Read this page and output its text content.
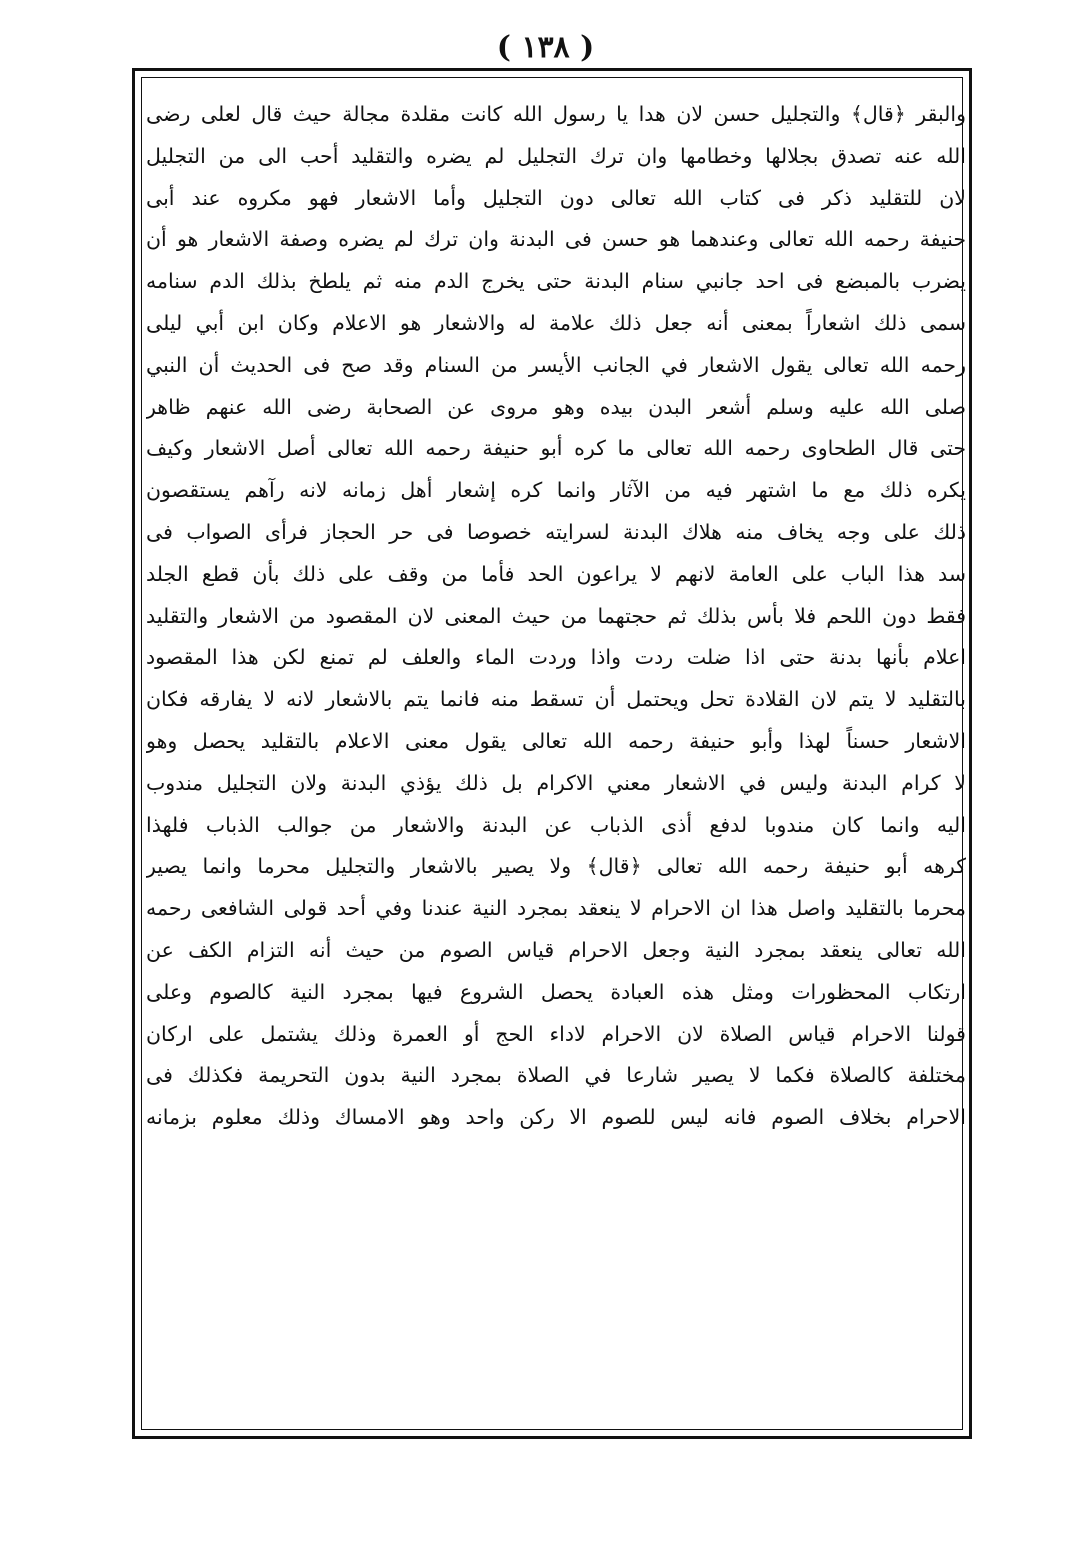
( ١٣٨ )
والبقر ﴿قال﴾ والتجليل حسن لان هدا يا رسول الله كانت مقلدة مجالة حيث قال لعلى رضى
الله عنه تصدق بجلالها وخطامها وان ترك التجليل لم يضره والتقليد أحب الى من التجليل
لان للتقليد ذكر فى كتاب الله تعالى دون التجليل وأما الاشعار فهو مكروه عند أبى
حنيفة رحمه الله تعالى وعندهما هو حسن فى البدنة وان ترك لم يضره وصفة الاشعار هو أن
يضرب بالمبضع فى احد جانبي سنام البدنة حتى يخرج الدم منه ثم يلطخ بذلك الدم سنامه
سمى ذلك اشعاراً بمعنى أنه جعل ذلك علامة له والاشعار هو الاعلام وكان ابن أبي ليلى
رحمه الله تعالى يقول الاشعار في الجانب الأيسر من السنام وقد صح فى الحديث أن النبي
صلى الله عليه وسلم أشعر البدن بيده وهو مروى عن الصحابة رضى الله عنهم ظاهر
حتى قال الطحاوى رحمه الله تعالى ما كره أبو حنيفة رحمه الله تعالى أصل الاشعار وكيف
يكره ذلك مع ما اشتهر فيه من الآثار وانما كره إشعار أهل زمانه لانه رآهم يستقصون
ذلك على وجه يخاف منه هلاك البدنة لسرايته خصوصا فى حر الحجاز فرأى الصواب فى
سد هذا الباب على العامة لانهم لا يراعون الحد فأما من وقف على ذلك بأن قطع الجلد
فقط دون اللحم فلا بأس بذلك ثم حجتهما من حيث المعنى لان المقصود من الاشعار والتقليد
اعلام بأنها بدنة حتى اذا ضلت ردت واذا وردت الماء والعلف لم تمنع لكن هذا المقصود
بالتقليد لا يتم لان القلادة تحل ويحتمل أن تسقط منه فانما يتم بالاشعار لانه لا يفارقه فكان
الاشعار حسناً لهذا وأبو حنيفة رحمه الله تعالى يقول معنى الاعلام بالتقليد يحصل وهو
لا كرام البدنة وليس في الاشعار معني الاكرام بل ذلك يؤذي البدنة ولان التجليل مندوب
اليه وانما كان مندوبا لدفع أذى الذباب عن البدنة والاشعار من جوالب الذباب فلهذا
كرهه أبو حنيفة رحمه الله تعالى ﴿قال﴾ ولا يصير بالاشعار والتجليل محرما وانما يصير
محرما بالتقليد واصل هذا ان الاحرام لا ينعقد بمجرد النية عندنا وفي أحد قولى الشافعى رحمه
الله تعالى ينعقد بمجرد النية وجعل الاحرام قياس الصوم من حيث أنه التزام الكف عن
ارتكاب المحظورات ومثل هذه العبادة يحصل الشروع فيها بمجرد النية كالصوم وعلى
قولنا الاحرام قياس الصلاة لان الاحرام لاداء الحج أو العمرة وذلك يشتمل على اركان
مختلفة كالصلاة فكما لا يصير شارعا في الصلاة بمجرد النية بدون التحريمة فكذلك فى
الاحرام بخلاف الصوم فانه ليس للصوم الا ركن واحد وهو الامساك وذلك معلوم بزمانه
